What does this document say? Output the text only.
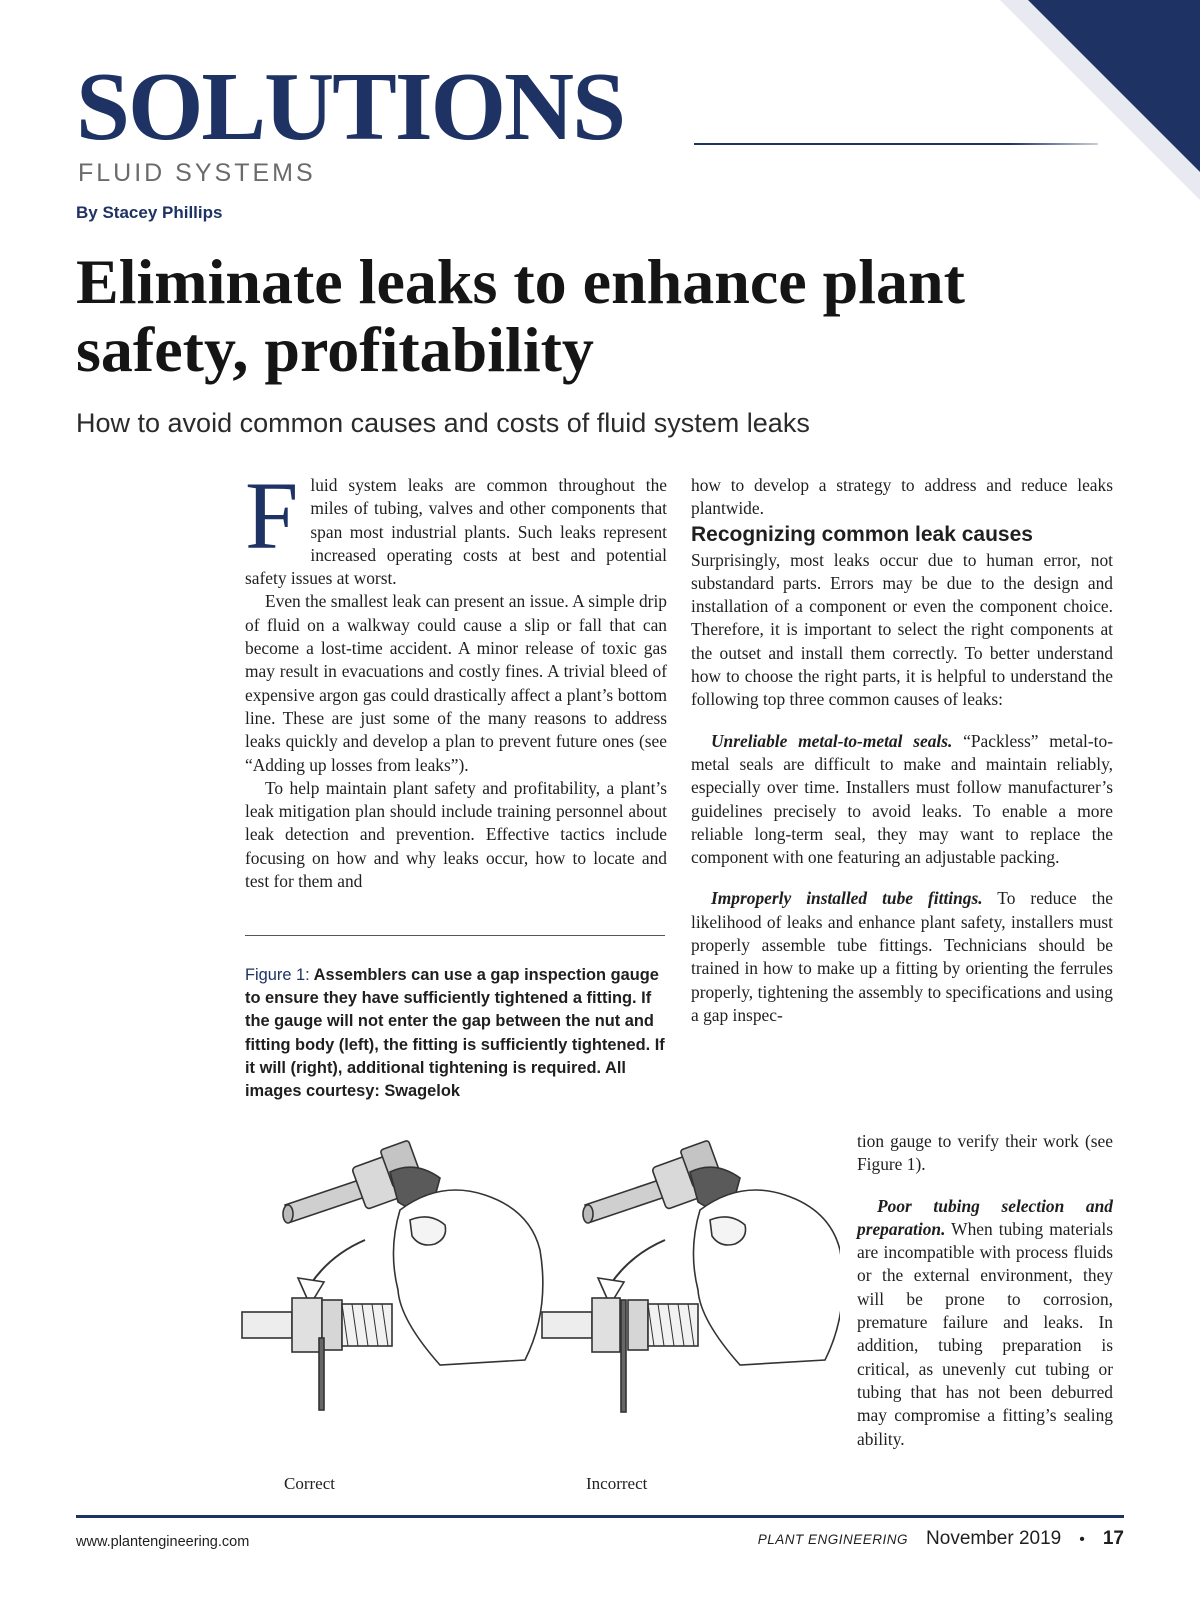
SOLUTIONS
FLUID SYSTEMS
By Stacey Phillips
Eliminate leaks to enhance plant safety, profitability
How to avoid common causes and costs of fluid system leaks

Fluid system leaks are common throughout the miles of tubing, valves and other components that span most industrial plants. Such leaks represent increased operating costs at best and potential safety issues at worst.

Even the smallest leak can present an issue. A simple drip of fluid on a walkway could cause a slip or fall that can become a lost-time accident. A minor release of toxic gas may result in evacuations and costly fines. A trivial bleed of expensive argon gas could drastically affect a plant’s bottom line. These are just some of the many reasons to address leaks quickly and develop a plan to prevent future ones (see “Adding up losses from leaks”).

To help maintain plant safety and profitability, a plant’s leak mitigation plan should include training personnel about leak detection and prevention. Effective tactics include focusing on how and why leaks occur, how to locate and test for them and

Figure 1: Assemblers can use a gap inspection gauge to ensure they have sufficiently tightened a fitting. If the gauge will not enter the gap between the nut and fitting body (left), the fitting is sufficiently tightened. If it will (right), additional tightening is required. All images courtesy: Swagelok

how to develop a strategy to address and reduce leaks plantwide.

Recognizing common leak causes

Surprisingly, most leaks occur due to human error, not substandard parts. Errors may be due to the design and installation of a component or even the component choice. Therefore, it is important to select the right components at the outset and install them correctly. To better understand how to choose the right parts, it is helpful to understand the following top three common causes of leaks:

Unreliable metal-to-metal seals. “Packless” metal-to-metal seals are difficult to make and maintain reliably, especially over time. Installers must follow manufacturer’s guidelines precisely to avoid leaks. To enable a more reliable long-term seal, they may want to replace the component with one featuring an adjustable packing.

Improperly installed tube fittings. To reduce the likelihood of leaks and enhance plant safety, installers must properly assemble tube fittings. Technicians should be trained in how to make up a fitting by orienting the ferrules properly, tightening the assembly to specifications and using a gap inspec-

tion gauge to verify their work (see Figure 1).

Poor tubing selection and preparation. When tubing materials are incompatible with process fluids or the external environment, they will be prone to corrosion, premature failure and leaks. In addition, tubing preparation is critical, as unevenly cut tubing or tubing that has not been deburred may compromise a fitting’s sealing ability.

Correct	Incorrect
www.plantengineering.com	PLANT ENGINEERING November 2019 • 17
